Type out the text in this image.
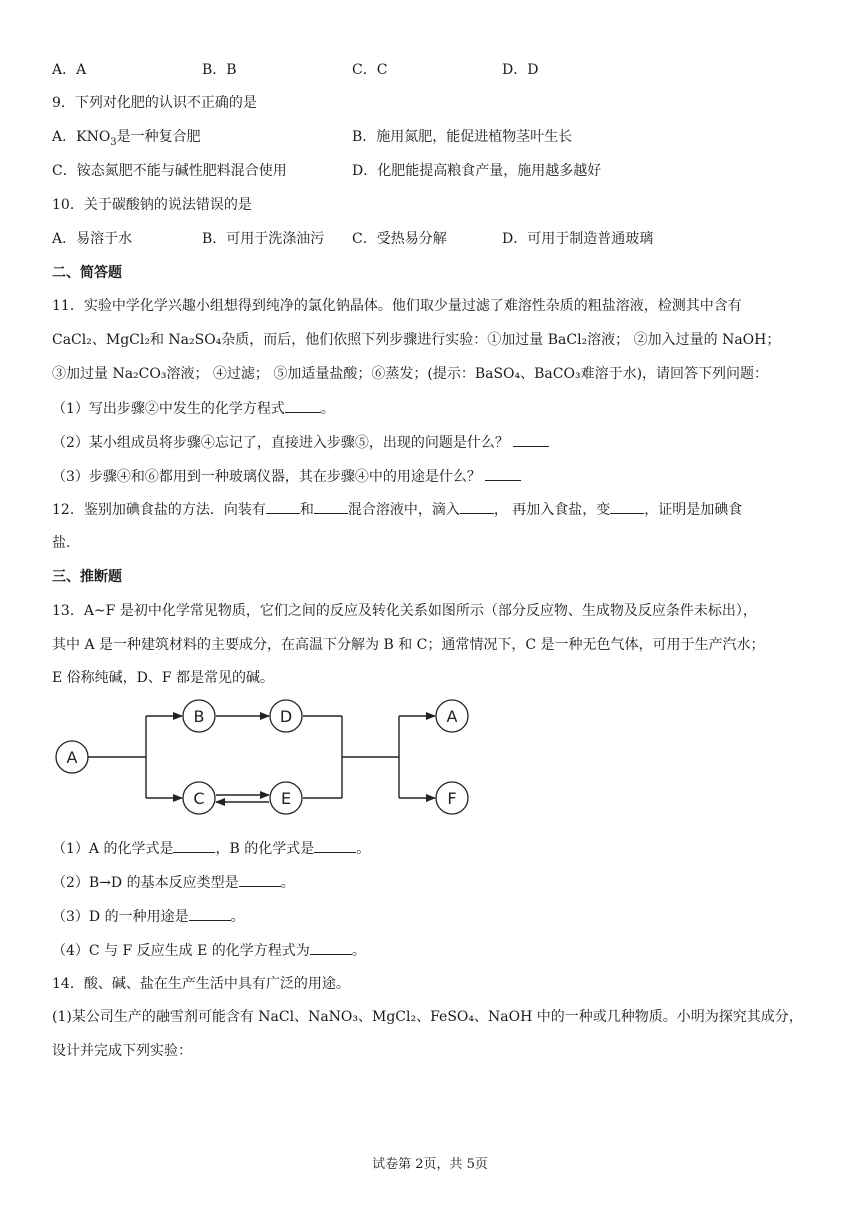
A．A	B．B	C．C	D．D
9．下列对化肥的认识不正确的是
A．$KNO_3$是一种复合肥	B．施用氮肥，能促进植物茎叶生长
C．铵态氮肥不能与碱性肥料混合使用	D．化肥能提高粮食产量，施用越多越好
10．关于碳酸钠的说法错误的是
A．易溶于水	B．可用于洗涤油污 C．受热易分解	D．可用于制造普通玻璃
二、简答题
11．实验中学化学兴趣小组想得到纯净的氯化钠晶体。他们取少量过滤了难溶性杂质的粗盐溶液，检测其中含有
CaCl₂、MgCl₂和 Na₂SO₄杂质，而后，他们依照下列步骤进行实验：①加过量 BaCl₂溶液； ②加入过量的 NaOH；
③加过量 Na₂CO₃溶液； ④过滤； ⑤加适量盐酸；⑥蒸发；(提示：BaSO₄、BaCO₃难溶于水)，请回答下列问题：
（1）写出步骤②中发生的化学方程式	。
（2）某小组成员将步骤④忘记了，直接进入步骤⑤，出现的问题是什么？
（3）步骤④和⑥都用到一种玻璃仪器，其在步骤④中的用途是什么？
12．鉴别加碘食盐的方法．向装有 和 混合溶液中，滴入 ， 再加入食盐，变 ，证明是加碘食
盐．
三、推断题
13．A~F 是初中化学常见物质，它们之间的反应及转化关系如图所示（部分反应物、生成物及反应条件未标出），
其中 A 是一种建筑材料的主要成分，在高温下分解为 B 和 C；通常情况下，C 是一种无色气体，可用于生产汽水；
E 俗称纯碱，D、F 都是常见的碱。
A
B	D
C	E
A
F
（1）A 的化学式是	，B 的化学式是	。
（2）B→D 的基本反应类型是	。
（3）D 的一种用途是	。
（4）C 与 F 反应生成 E 的化学方程式为	。
14．酸、碱、盐在生产生活中具有广泛的用途。
(1)某公司生产的融雪剂可能含有 NaCl、NaNO₃、MgCl₂、FeSO₄、NaOH 中的一种或几种物质。小明为探究其成分，
设计并完成下列实验：
试卷第 2页，共 5页
